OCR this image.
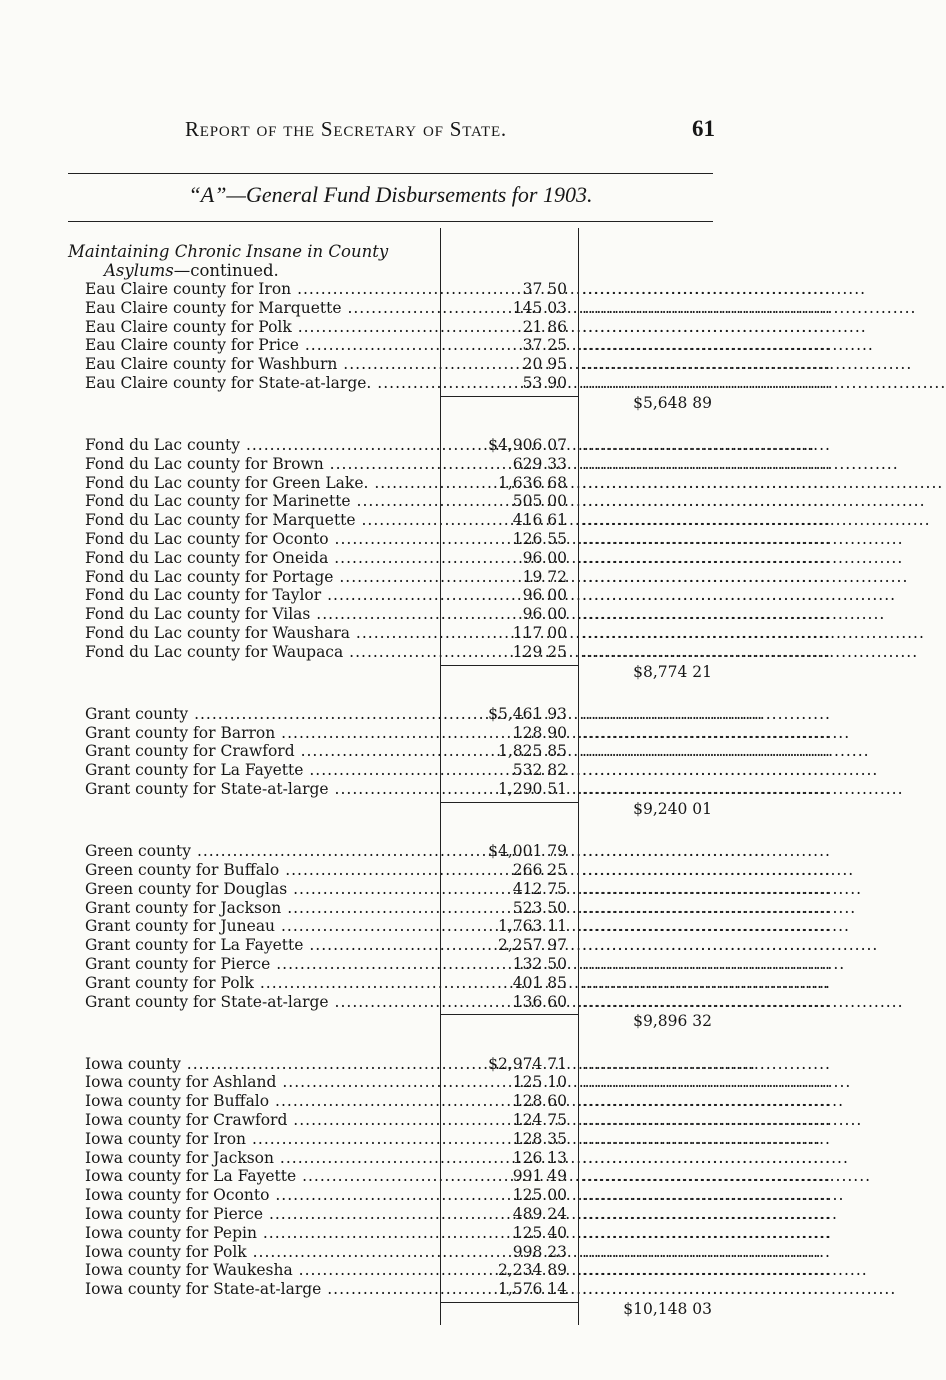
Report of the Secretary of State.	61
“A”—General Fund Disbursements for 1903.
Maintaining Chronic Insane in County
Asylums—continued.
Eau Claire county for Iron .....	37 50 ..........................................
Eau Claire county for Marquette .....	145 03 ..........................................
Eau Claire county for Polk .....	21 86 ..........................................
Eau Claire county for Price .....	37 25 ..........................................
Eau Claire county for Washburn .....	20 95 ..........................................
Eau Claire county for State-at-large. .....	53 90 ..........................................
$5,648 89
Fond du Lac county .....	$4,906 07 ..........................................
Fond du Lac county for Brown .....	629 33 ..........................................
Fond du Lac county for Green Lake. .....	1,636 68 ..........................................
Fond du Lac county for Marinette .....	505 00 ..........................................
Fond du Lac county for Marquette .....	416 61 ..........................................
Fond du Lac county for Oconto .....	126 55 ..........................................
Fond du Lac county for Oneida .....	96 00 ..........................................
Fond du Lac county for Portage .....	19 72 ..........................................
Fond du Lac county for Taylor .....	96 00 ..........................................
Fond du Lac county for Vilas .....	96 00 ..........................................
Fond du Lac county for Waushara .....	117 00 ..........................................
Fond du Lac county for Waupaca .....	129 25 ..........................................
$8,774 21
Grant county .....	$5,461 93 ..........................................
Grant county for Barron .....	128 90 ..........................................
Grant county for Crawford .....	1,825 85 ..........................................
Grant county for La Fayette .....	532 82 ..........................................
Grant county for State-at-large .....	1,290 51 ..........................................
$9,240 01
Green county .....	$4,001 79 ..........................................
Green county for Buffalo .....	266 25 ..........................................
Green county for Douglas .....	412 75 ..........................................
Grant county for Jackson .....	523 50 ..........................................
Grant county for Juneau .....	1,763 11 ..........................................
Grant county for La Fayette .....	2,257 97 ..........................................
Grant county for Pierce .....	132 50 ..........................................
Grant county for Polk .....	401 85 ..........................................
Grant county for State-at-large .....	136 60 ..........................................
$9,896 32
Iowa county .....	$2,974 71 ..........................................
Iowa county for Ashland .....	125 10 ..........................................
Iowa county for Buffalo .....	128 60 ..........................................
Iowa county for Crawford .....	124 75 ..........................................
Iowa county for Iron .....	128 35 ..........................................
Iowa county for Jackson .....	126 13 ..........................................
Iowa county for La Fayette .....	991 49 ..........................................
Iowa county for Oconto .....	125 00 ..........................................
Iowa county for Pierce .....	489 24 ..........................................
Iowa county for Pepin .....	125 40 ..........................................
Iowa county for Polk .....	998 23 ..........................................
Iowa county for Waukesha .....	2,234 89 ..........................................
Iowa county for State-at-large .....	1,576 14 ..........................................
$10,148 03
